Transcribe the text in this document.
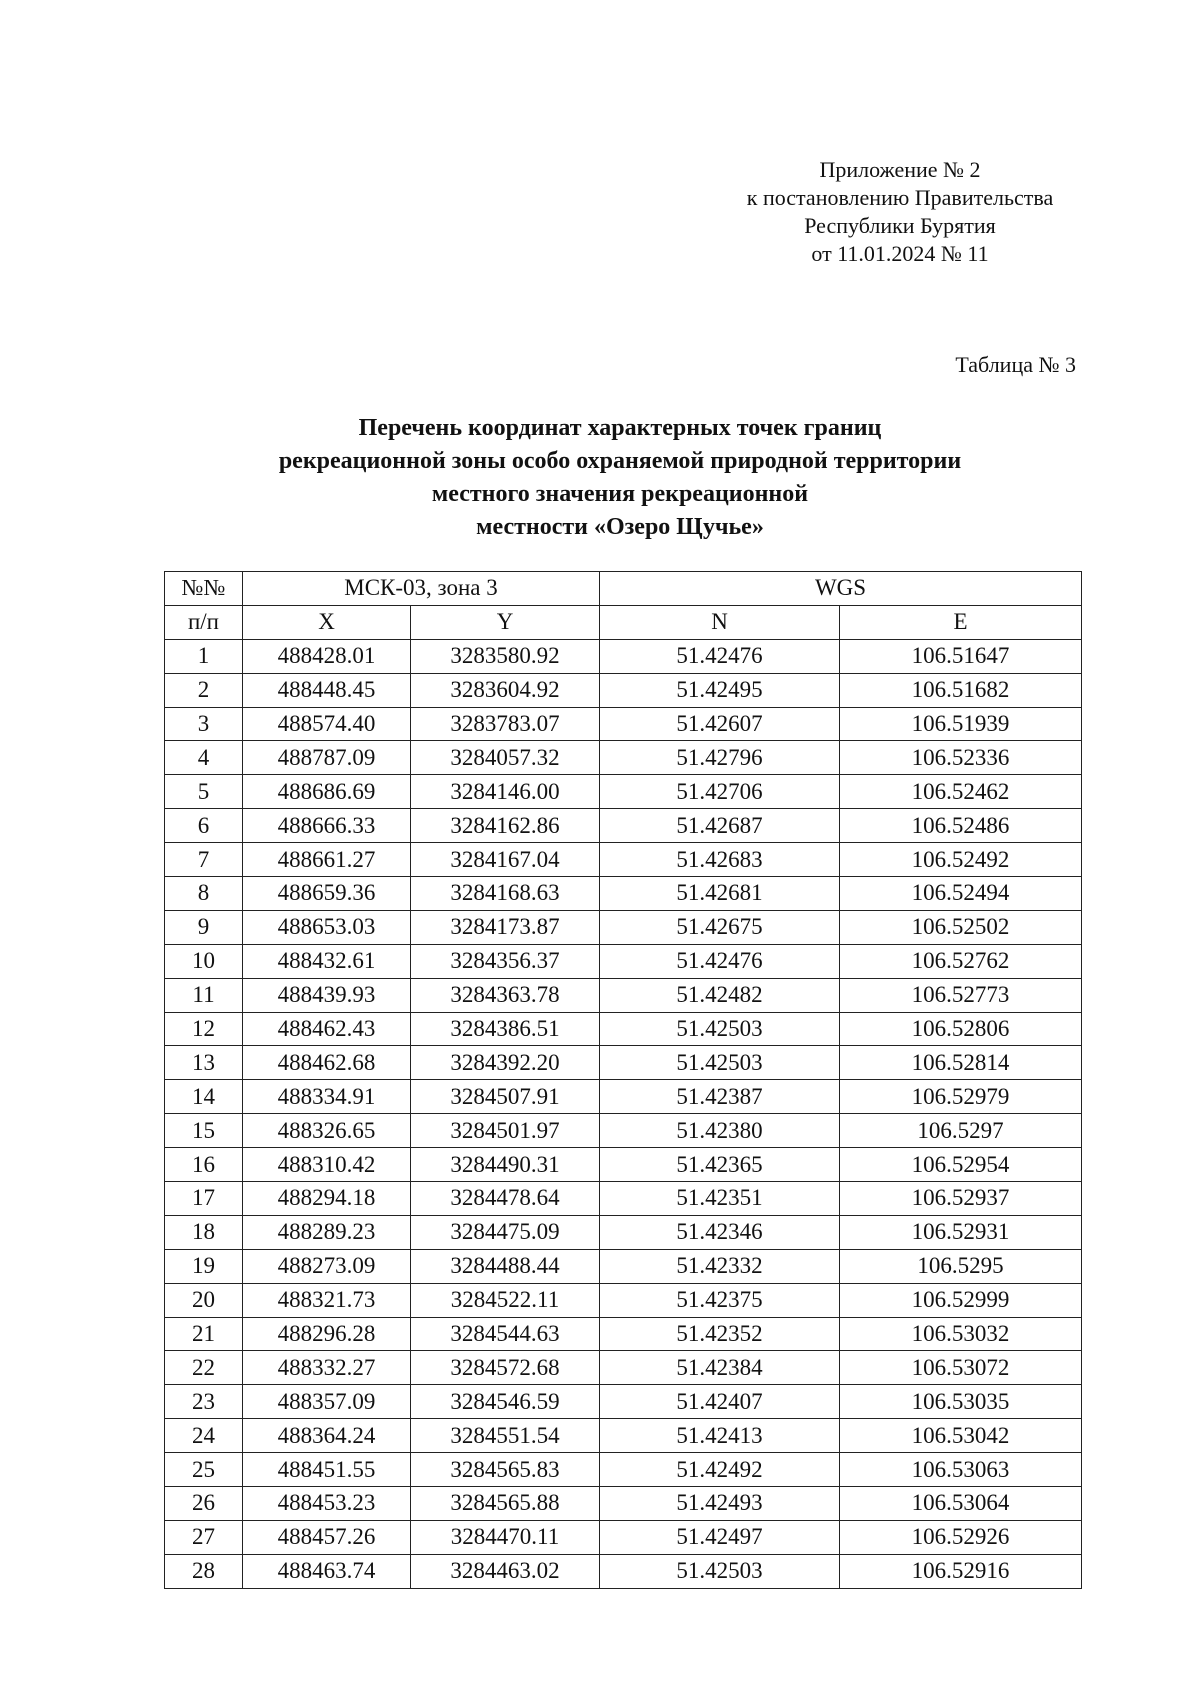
Приложение № 2
к постановлению Правительства
Республики Бурятия
от 11.01.2024 № 11
Таблица № 3
Перечень координат характерных точек границ
рекреационной зоны особо охраняемой природной территории
местного значения рекреационной
местности «Озеро Щучье»
№№	МСК-03, зона 3		WGS	
п/п	X	Y	N	E
1	488428.01	3283580.92	51.42476	106.51647
2	488448.45	3283604.92	51.42495	106.51682
3	488574.40	3283783.07	51.42607	106.51939
4	488787.09	3284057.32	51.42796	106.52336
5	488686.69	3284146.00	51.42706	106.52462
6	488666.33	3284162.86	51.42687	106.52486
7	488661.27	3284167.04	51.42683	106.52492
8	488659.36	3284168.63	51.42681	106.52494
9	488653.03	3284173.87	51.42675	106.52502
10	488432.61	3284356.37	51.42476	106.52762
11	488439.93	3284363.78	51.42482	106.52773
12	488462.43	3284386.51	51.42503	106.52806
13	488462.68	3284392.20	51.42503	106.52814
14	488334.91	3284507.91	51.42387	106.52979
15	488326.65	3284501.97	51.42380	106.5297
16	488310.42	3284490.31	51.42365	106.52954
17	488294.18	3284478.64	51.42351	106.52937
18	488289.23	3284475.09	51.42346	106.52931
19	488273.09	3284488.44	51.42332	106.5295
20	488321.73	3284522.11	51.42375	106.52999
21	488296.28	3284544.63	51.42352	106.53032
22	488332.27	3284572.68	51.42384	106.53072
23	488357.09	3284546.59	51.42407	106.53035
24	488364.24	3284551.54	51.42413	106.53042
25	488451.55	3284565.83	51.42492	106.53063
26	488453.23	3284565.88	51.42493	106.53064
27	488457.26	3284470.11	51.42497	106.52926
28	488463.74	3284463.02	51.42503	106.52916
